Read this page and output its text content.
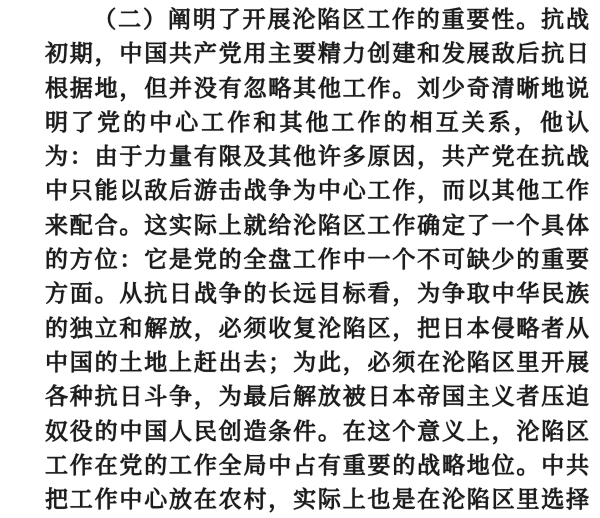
（二）阐明了开展沦陷区工作的重要性。抗战
初期，中国共产党用主要精力创建和发展敌后抗日
根据地，但并没有忽略其他工作。刘少奇清晰地说
明了党的中心工作和其他工作的相互关系，他认
为：由于力量有限及其他许多原因，共产党在抗战
中只能以敌后游击战争为中心工作，而以其他工作
来配合。这实际上就给沦陷区工作确定了一个具体
的方位：它是党的全盘工作中一个不可缺少的重要
方面。从抗日战争的长远目标看，为争取中华民族
的独立和解放，必须收复沦陷区，把日本侵略者从
中国的土地上赶出去；为此，必须在沦陷区里开展
各种抗日斗争，为最后解放被日本帝国主义者压迫
奴役的中国人民创造条件。在这个意义上，沦陷区
工作在党的工作全局中占有重要的战略地位。中共
把工作中心放在农村，实际上也是在沦陷区里选择
